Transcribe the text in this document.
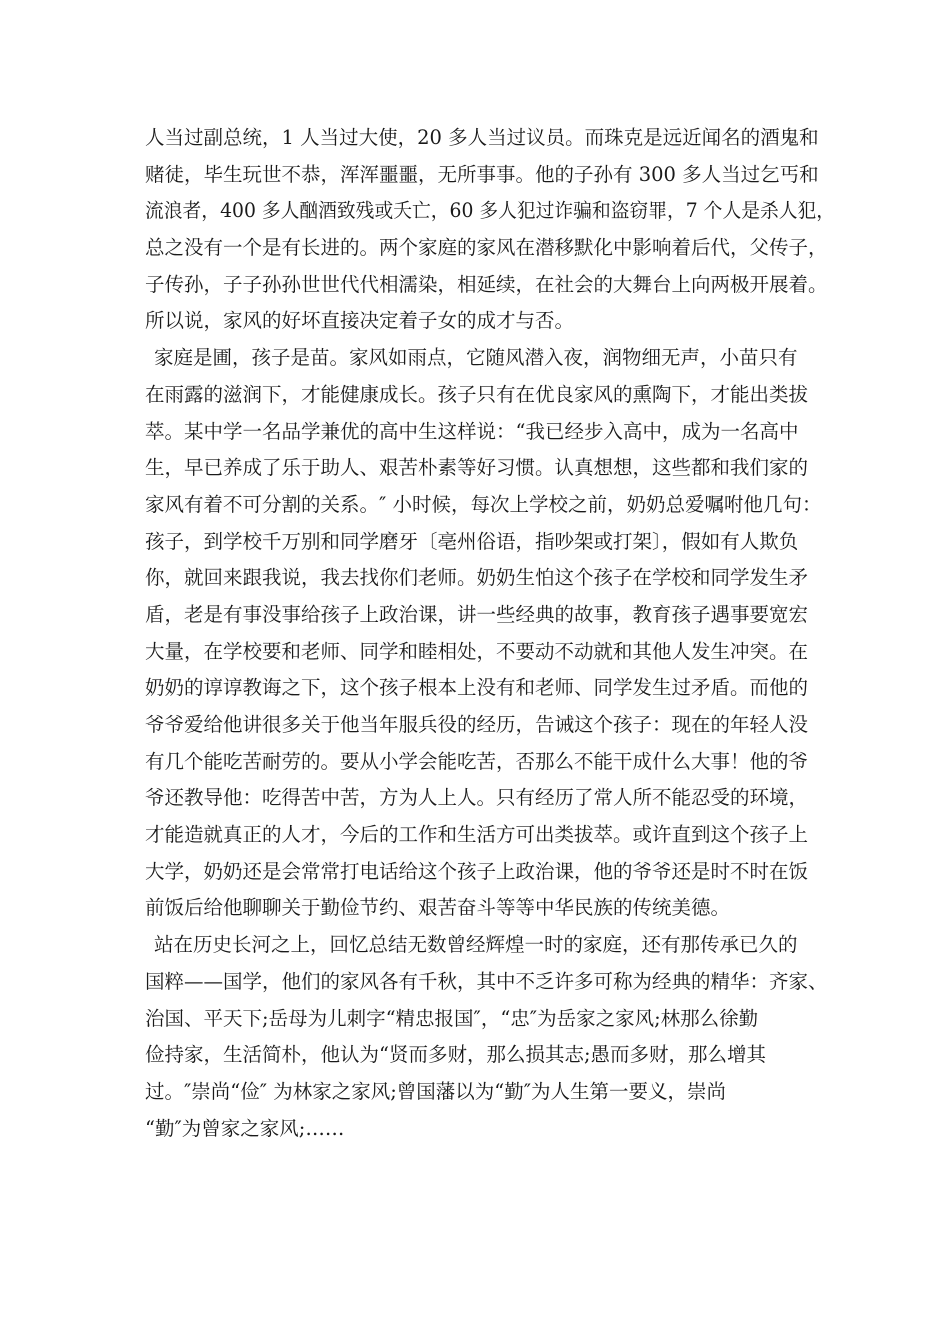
人当过副总统，1 人当过大使，20 多人当过议员。而珠克是远近闻名的酒鬼和
赌徒，毕生玩世不恭，浑浑噩噩，无所事事。他的子孙有 300 多人当过乞丐和
流浪者，400 多人酗酒致残或夭亡，60 多人犯过诈骗和盗窃罪，7 个人是杀人犯，
总之没有一个是有长进的。两个家庭的家风在潜移默化中影响着后代，父传子，
子传孙，子子孙孙世世代代相濡染，相延续，在社会的大舞台上向两极开展着。
所以说，家风的好坏直接决定着子女的成才与否。
家庭是圃，孩子是苗。家风如雨点，它随风潜入夜，润物细无声，小苗只有
在雨露的滋润下，才能健康成长。孩子只有在优良家风的熏陶下，才能出类拔
萃。某中学一名品学兼优的高中生这样说：“我已经步入高中，成为一名高中
生，早已养成了乐于助人、艰苦朴素等好习惯。认真想想，这些都和我们家的
家风有着不可分割的关系。″ 小时候，每次上学校之前，奶奶总爱嘱咐他几句：
孩子，到学校千万别和同学磨牙〔亳州俗语，指吵架或打架〕，假如有人欺负
你，就回来跟我说，我去找你们老师。奶奶生怕这个孩子在学校和同学发生矛
盾，老是有事没事给孩子上政治课，讲一些经典的故事，教育孩子遇事要宽宏
大量，在学校要和老师、同学和睦相处，不要动不动就和其他人发生冲突。在
奶奶的谆谆教诲之下，这个孩子根本上没有和老师、同学发生过矛盾。而他的
爷爷爱给他讲很多关于他当年服兵役的经历，告诫这个孩子：现在的年轻人没
有几个能吃苦耐劳的。要从小学会能吃苦，否那么不能干成什么大事！他的爷
爷还教导他：吃得苦中苦，方为人上人。只有经历了常人所不能忍受的环境，
才能造就真正的人才，今后的工作和生活方可出类拔萃。或许直到这个孩子上
大学，奶奶还是会常常打电话给这个孩子上政治课，他的爷爷还是时不时在饭
前饭后给他聊聊关于勤俭节约、艰苦奋斗等等中华民族的传统美德。
站在历史长河之上，回忆总结无数曾经辉煌一时的家庭，还有那传承已久的
国粹——国学，他们的家风各有千秋，其中不乏许多可称为经典的精华：齐家、
治国、平天下;岳母为儿刺字“精忠报国″，“忠″为岳家之家风;林那么徐勤
俭持家，生活简朴，他认为“贤而多财，那么损其志;愚而多财，那么增其
过。″崇尚“俭″ 为林家之家风;曾国藩以为“勤″为人生第一要义，崇尚
“勤″为曾家之家风;……
